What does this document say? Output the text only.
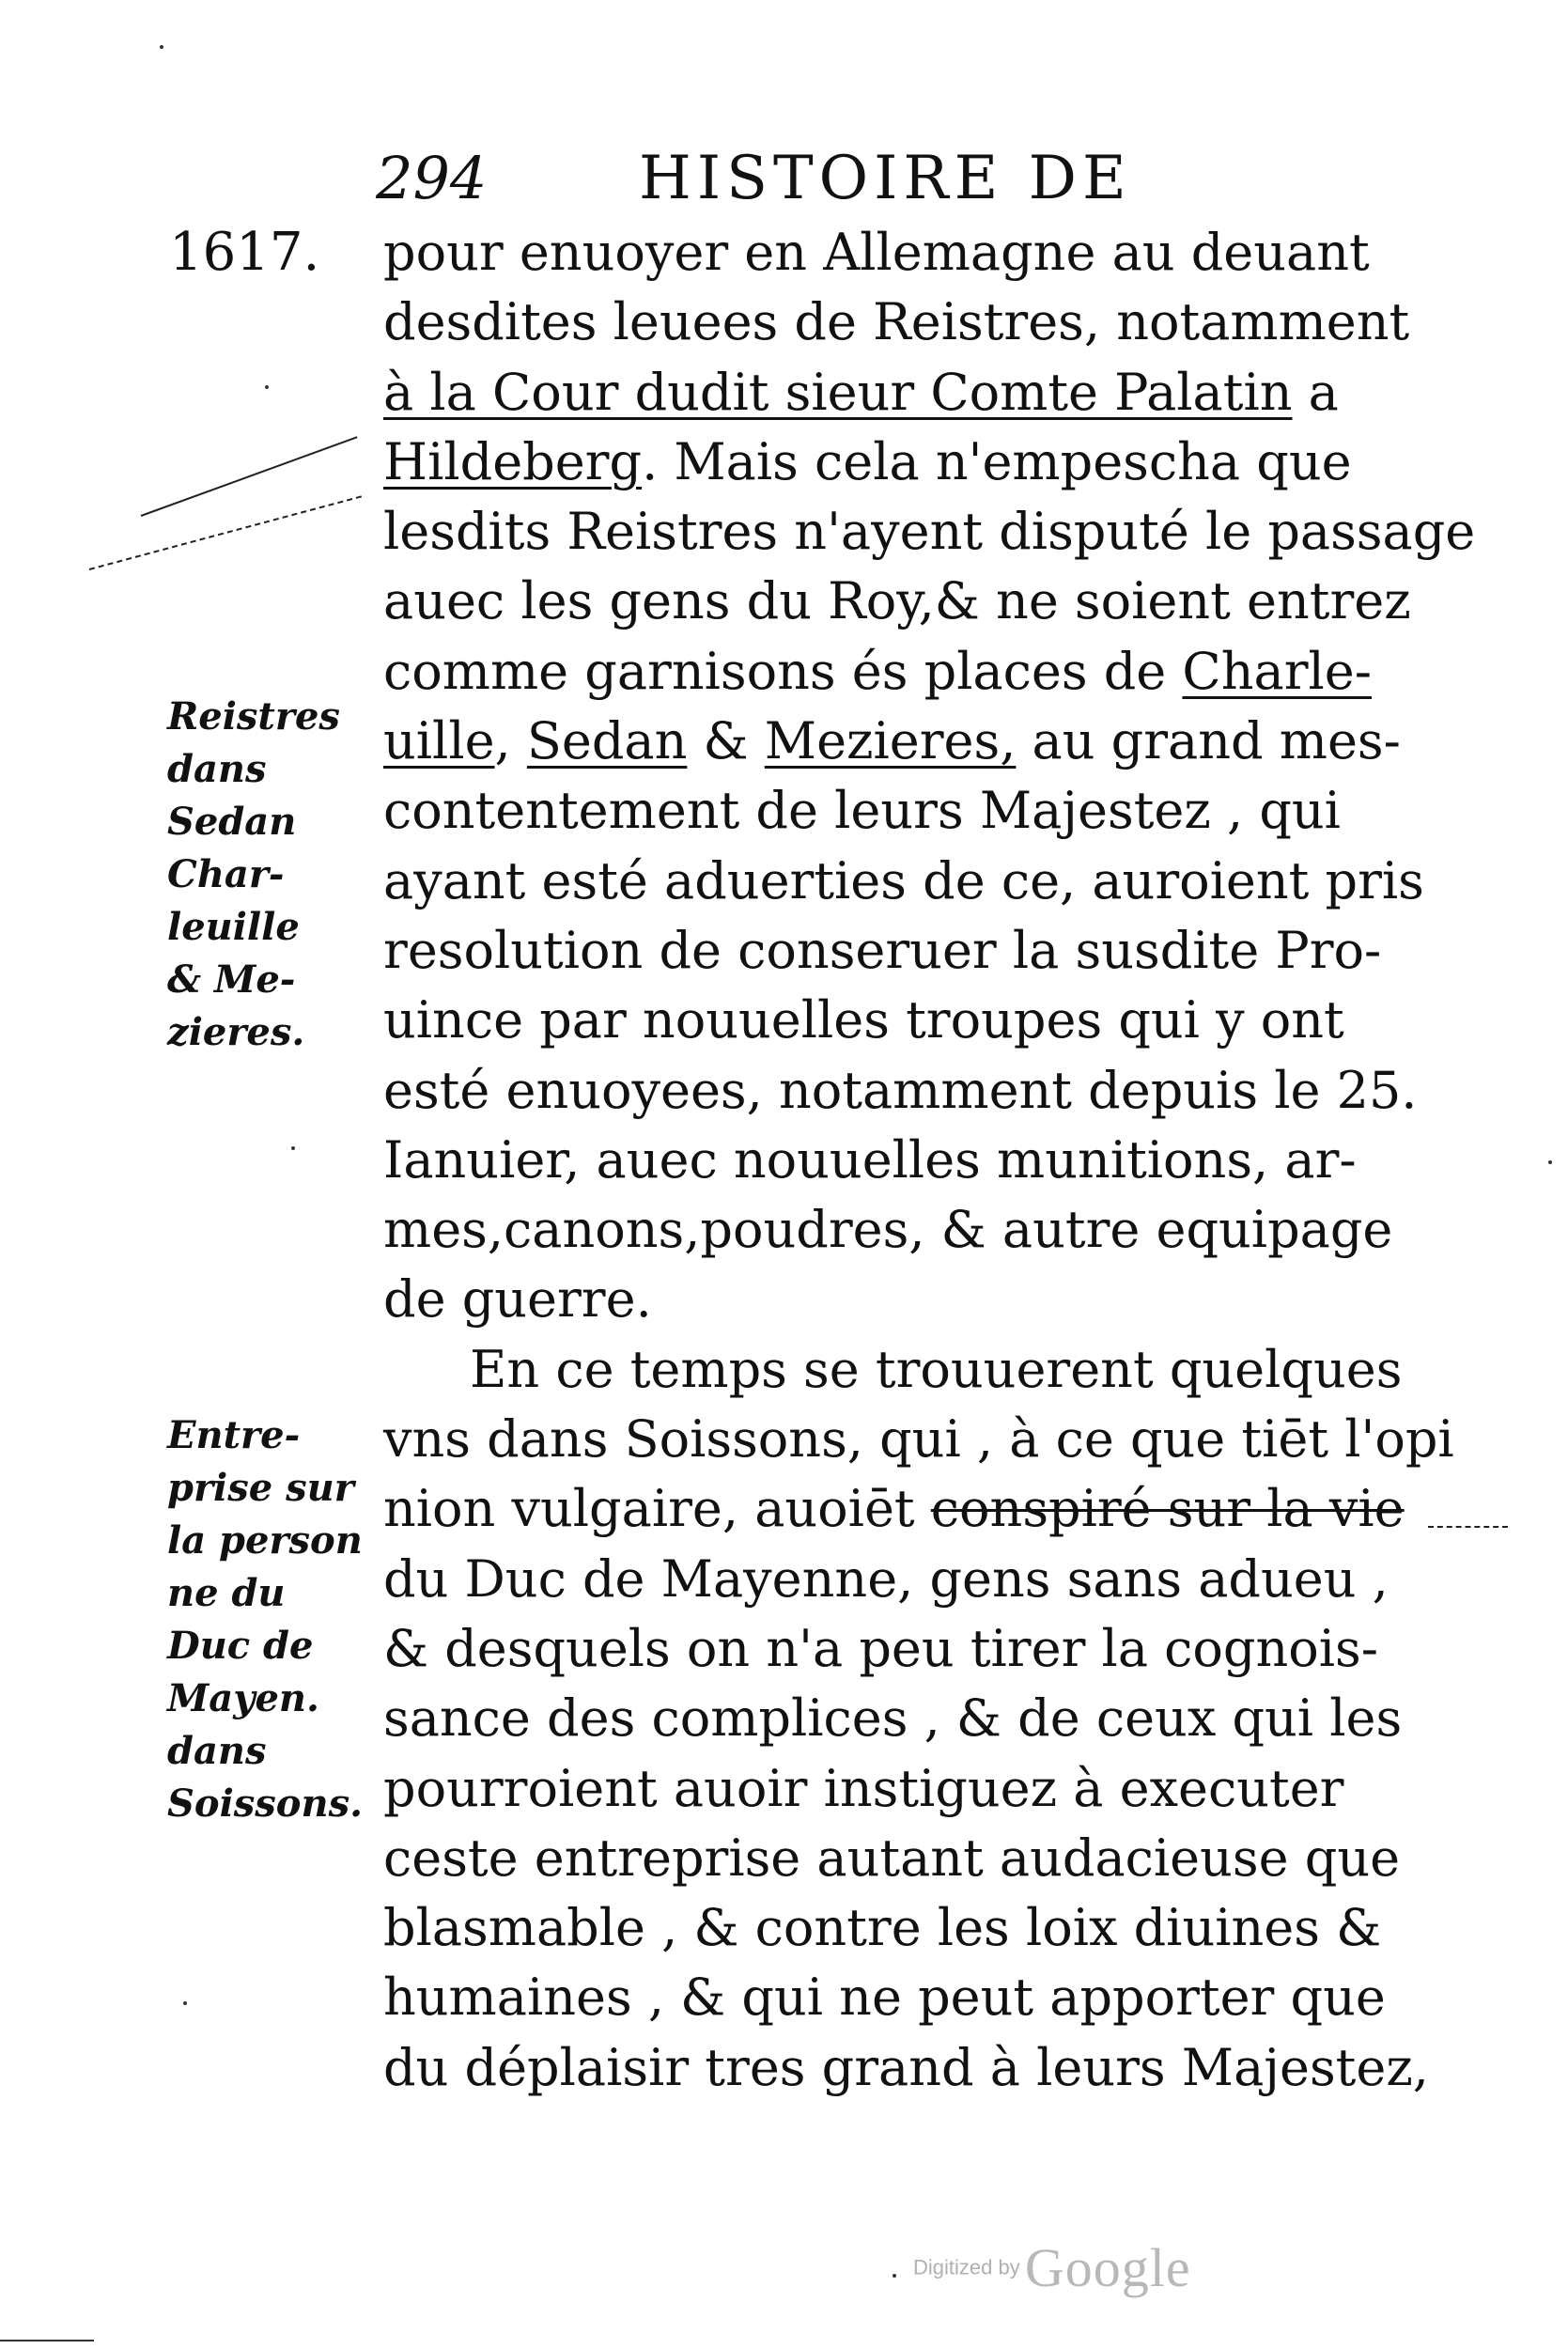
294	HISTOIRE DE
1617.
Reistres
dans
Sedan
Char-
leuille
& Me-
zieres.
Entre-
prise sur
la person
ne du
Duc de
Mayen.
dans
Soissons.
pour enuoyer en Allemagne au deuant
desdites leuees de Reistres, notamment
à la Cour dudit sieur Comte Palatin a
Hildeberg. Mais cela n'empescha que
lesdits Reistres n'ayent disputé le passage
auec les gens du Roy,& ne soient entrez
comme garnisons és places de Charle-
uille, Sedan & Mezieres, au grand mes-
contentement de leurs Majestez , qui
ayant esté aduerties de ce, auroient pris
resolution de conseruer la susdite Pro-
uince par nouuelles troupes qui y ont
esté enuoyees, notamment depuis le 25.
Ianuier, auec nouuelles munitions, ar-
mes,canons,poudres, & autre equipage
de guerre.
En ce temps se trouuerent quelques
vns dans Soissons, qui , à ce que tiēt l'opi
nion vulgaire, auoiēt conspiré sur la vie
du Duc de Mayenne, gens sans adueu ,
& desquels on n'a peu tirer la cognois-
sance des complices , & de ceux qui les
pourroient auoir instiguez à executer
ceste entreprise autant audacieuse que
blasmable , & contre les loix diuines &
humaines , & qui ne peut apporter que
du déplaisir tres grand à leurs Majestez,
Digitized by Google
